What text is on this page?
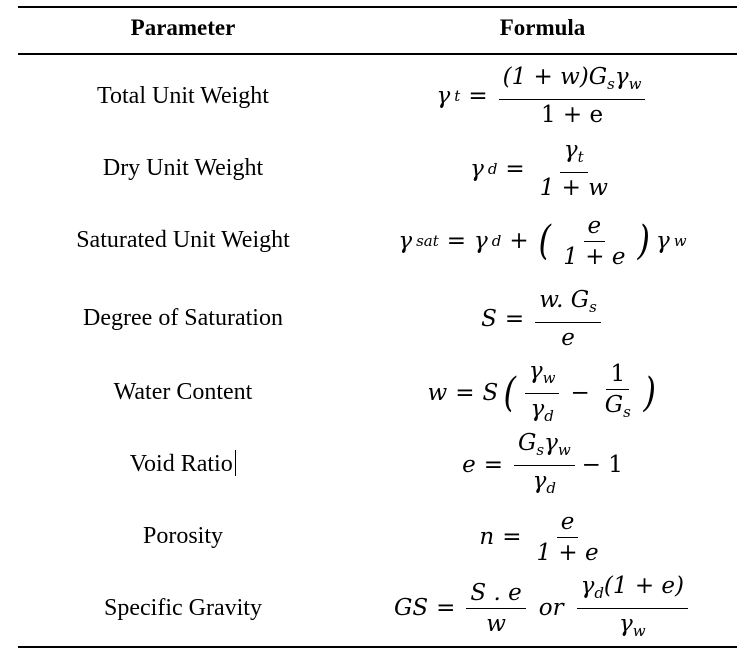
Parameter	Formula
Total Unit Weight	γ $t = \frac{(1 + w)G_s\gamma_w}{1 + e}$
Dry Unit Weight	γ $d = \frac{\gamma_t}{1 + w}$
Saturated Unit Weight	γ sat = γ d + ( $\frac{e}{1 + e}$ ) γ w
Degree of Saturation	$S = \frac{w. G_s}{e}$
Water Content	w = S ( $\frac{\gamma_w}{\gamma_d} - \frac{1}{G_s}$ )
Void Ratio	$e = \frac{G_s\gamma_w}{\gamma_d} - 1$
Porosity	$n = \frac{e}{1 + e}$
Specific Gravity	GS = $\frac{S . e}{w}$ or $\frac{\gamma_d(1 + e)}{\gamma_w}$
